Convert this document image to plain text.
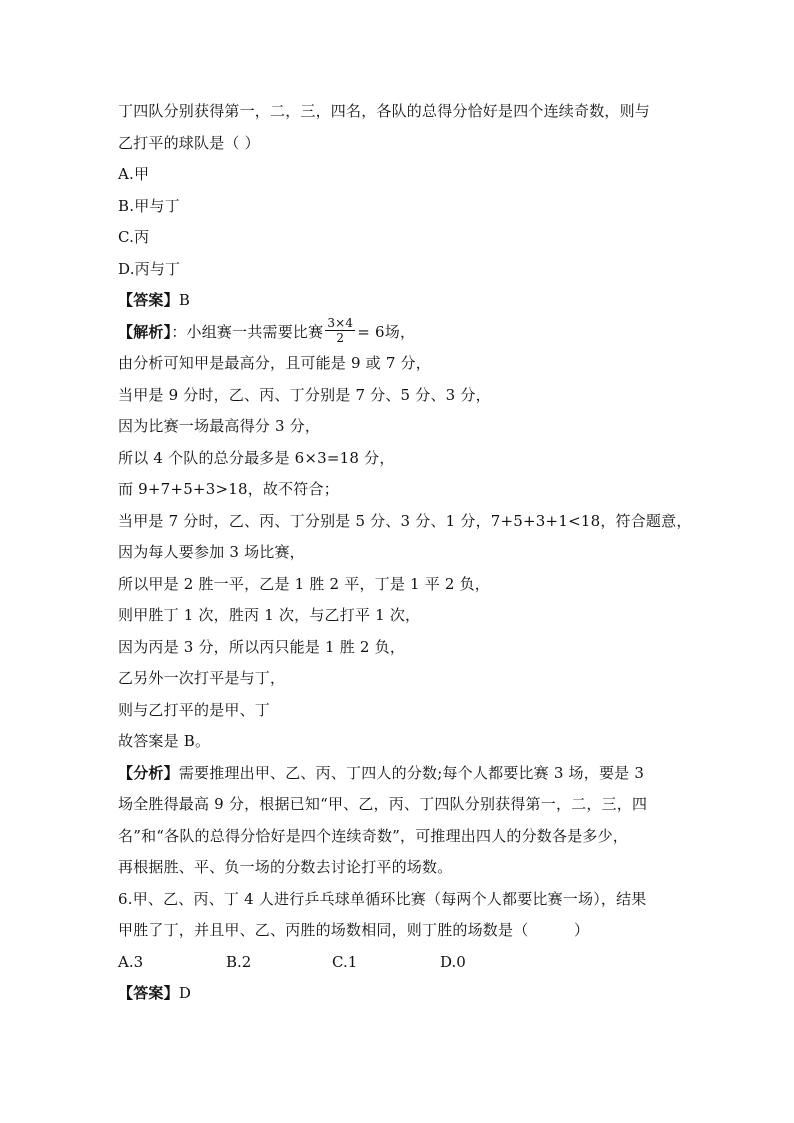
丁四队分别获得第一，二，三，四名，各队的总得分恰好是四个连续奇数，则与
乙打平的球队是（ ）
A.甲
B.甲与丁
C.丙
D.丙与丁
【答案】B
【解析】：小组赛一共需要比赛 $\frac{3\times 4}{2} = 6$场，
由分析可知甲是最高分，且可能是 9 或 7 分，
当甲是 9 分时，乙、丙、丁分别是 7 分、5 分、3 分，
因为比赛一场最高得分 3 分，
所以 4 个队的总分最多是 6×3=18 分，
而 9+7+5+3>18，故不符合；
当甲是 7 分时，乙、丙、丁分别是 5 分、3 分、1 分，7+5+3+1<18，符合题意，
因为每人要参加 3 场比赛，
所以甲是 2 胜一平，乙是 1 胜 2 平，丁是 1 平 2 负，
则甲胜丁 1 次，胜丙 1 次，与乙打平 1 次，
因为丙是 3 分，所以丙只能是 1 胜 2 负，
乙另外一次打平是与丁，
则与乙打平的是甲、丁
故答案是 B。
【分析】需要推理出甲、乙、丙、丁四人的分数;每个人都要比赛 3 场，要是 3
场全胜得最高 9 分，根据已知“甲、乙，丙、丁四队分别获得第一，二，三，四
名”和“各队的总得分恰好是四个连续奇数”，可推理出四人的分数各是多少，
再根据胜、平、负一场的分数去讨论打平的场数。
6.甲、乙、丙、丁 4 人进行乒乓球单循环比赛（每两个人都要比赛一场），结果
甲胜了丁，并且甲、乙、丙胜的场数相同，则丁胜的场数是（　　　）
A.3	B.2	C.1	D.0
【答案】D
